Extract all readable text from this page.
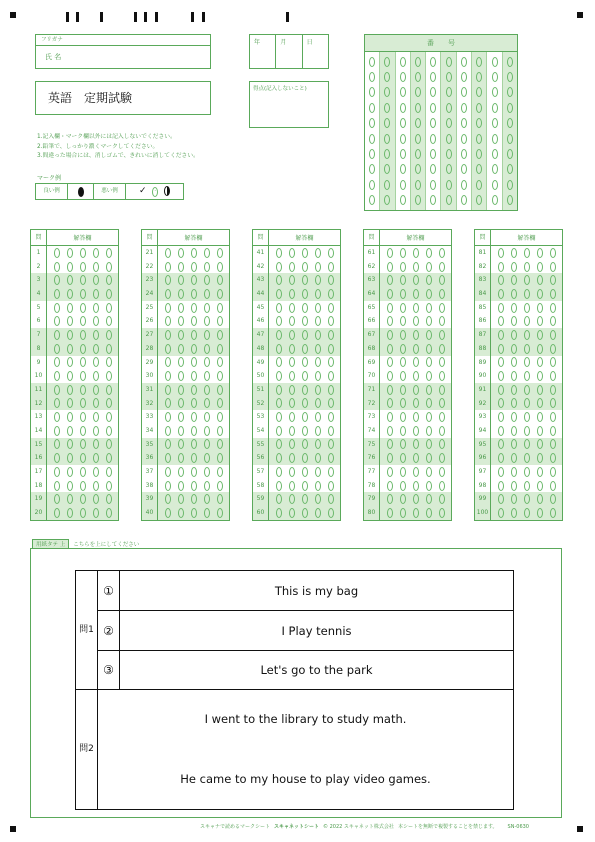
フリガナ
氏 名
英語　定期試験
年	月	日
得点(記入しないこと)
番　　号
1.記入欄・マーク欄以外には記入しないでください。
2.鉛筆で、しっかり濃くマークしてください。
3.間違った場合には、消しゴムで、きれいに消してください。
マーク例
良い例	悪い例	✓ ·
問	解答欄
1
2
3
4
5
6
7
8
9
10
11
12
13
14
15
16
17
18
19
20
問	解答欄
21
22
23
24
25
26
27
28
29
30
31
32
33
34
35
36
37
38
39
40
問	解答欄
41
42
43
44
45
46
47
48
49
50
51
52
53
54
55
56
57
58
59
60
問	解答欄
61
62
63
64
65
66
67
68
69
70
71
72
73
74
75
76
77
78
79
80
問	解答欄
81
82
83
84
85
86
87
88
89
90
91
92
93
94
95
96
97
98
99
100
用紙タテ 上	こちらを上にしてください
問1
①	This is my bag
②	I Play tennis
③	Let's go to the park
問2
I went to the library to study math.
He came to my house to play video games.
スキャナで読めるマークシート スキャネットシート © 2022 スキャネット株式会社 本シートを無断で複製することを禁じます。 SN-0630
